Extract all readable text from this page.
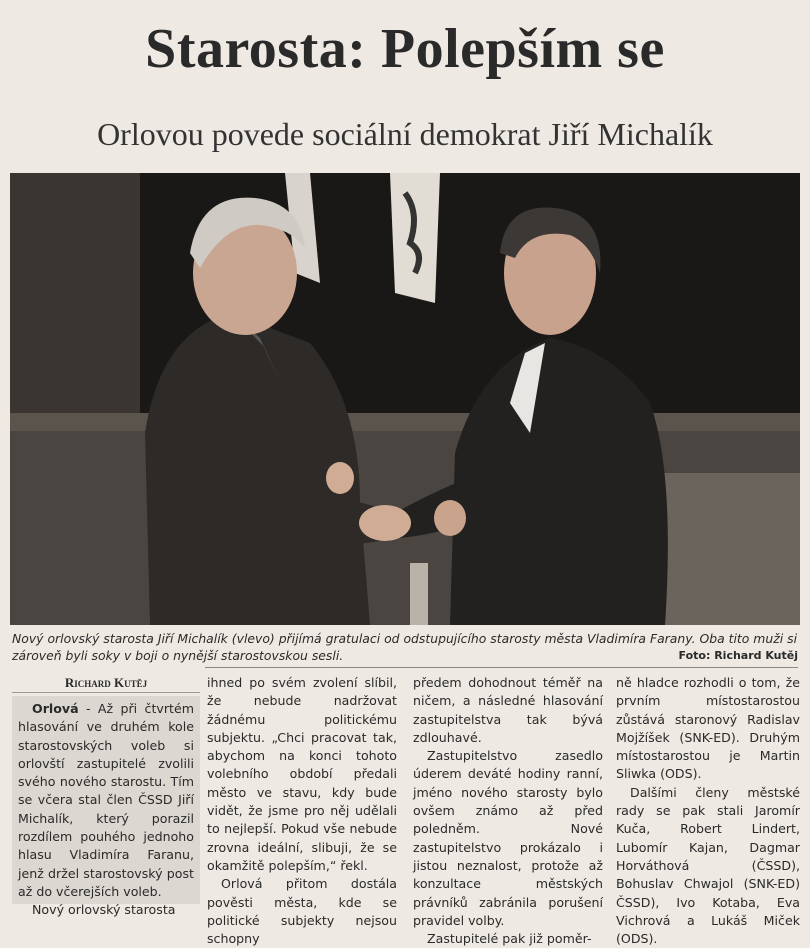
Starosta: Polepším se
Orlovou povede sociální demokrat Jiří Michalík
Nový orlovský starosta Jiří Michalík (vlevo) přijímá gratulaci od odstupujícího starosty města Vladimíra Farany. Oba tito muži si zároveň byli soky v boji o nynější starostovskou sesli.	Foto: Richard Kutěj
Richard Kutěj

Orlová - Až při čtvrtém hlasování ve druhém kole starostovských voleb si orlovští zastupitelé zvolili svého nového starostu. Tím se včera stal člen ČSSD Jiří Michalík, který porazil rozdílem pouhého jednoho hlasu Vladimíra Faranu, jenž držel starostovský post až do včerejších voleb.

Nový orlovský starosta

ihned po svém zvolení slíbil, že nebude nadržovat žádnému politickému subjektu. „Chci pracovat tak, abychom na konci tohoto volebního období předali město ve stavu, kdy bude vidět, že jsme pro něj udělali to nejlepší. Pokud vše nebude zrovna ideální, slibuji, že se okamžitě polepším,“ řekl.

Orlová přitom dostála pověsti města, kde se politické subjekty nejsou schopny

předem dohodnout téměř na ničem, a následné hlasování zastupitelstva tak bývá zdlouhavé.

Zastupitelstvo zasedlo úderem deváté hodiny ranní, jméno nového starosty bylo ovšem známo až před poledněm. Nové zastupitelstvo prokázalo i jistou neznalost, protože až konzultace městských právníků zabránila porušení pravidel volby.

Zastupitelé pak již poměr-

ně hladce rozhodli o tom, že prvním místostarostou zůstává staronový Radislav Mojžíšek (SNK-ED). Druhým místostarostou je Martin Sliwka (ODS).

Dalšími členy městské rady se pak stali Jaromír Kuča, Robert Lindert, Lubomír Kajan, Dagmar Horváthová (ČSSD), Bohuslav Chwajol (SNK-ED) ČSSD), Ivo Kotaba, Eva Vichrová a Lukáš Miček (ODS).
